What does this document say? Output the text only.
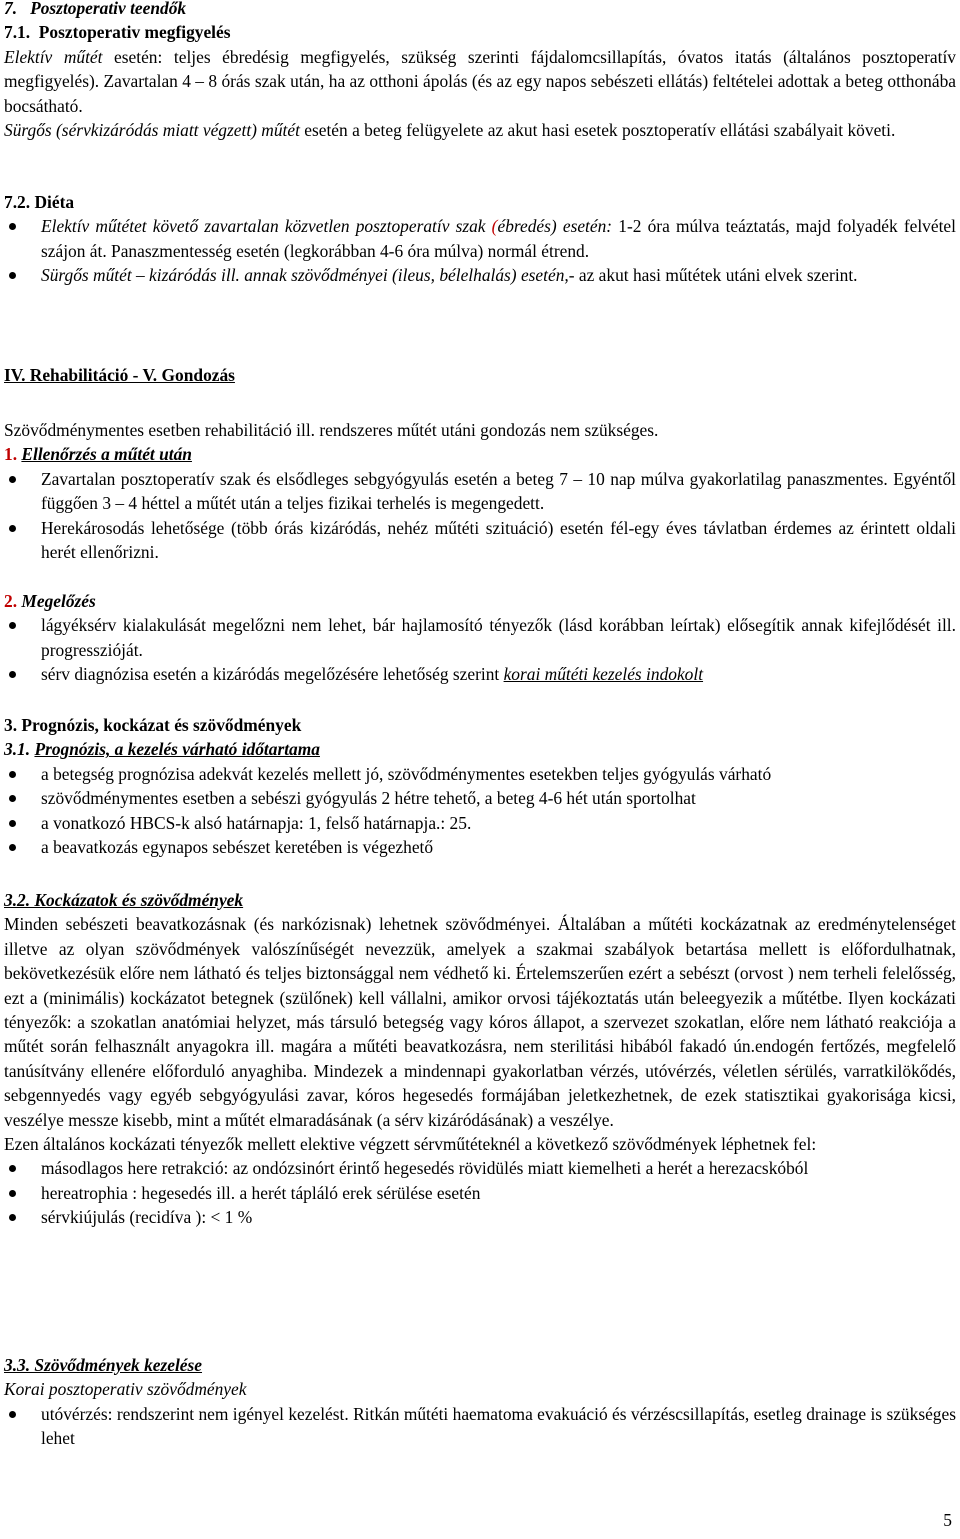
7.   Posztoperativ teendők

7.1.  Posztoperativ megfigyelés

Elektív műtét esetén: teljes ébredésig megfigyelés, szükség szerinti fájdalomcsillapítás, óvatos itatás (általános posztoperatív megfigyelés). Zavartalan 4 – 8 órás szak után, ha az otthoni ápolás (és az egy napos sebészeti ellátás) feltételei adottak a beteg otthonába bocsátható.

Sürgős (sérvkizáródás miatt végzett) műtét esetén a beteg felügyelete az akut hasi esetek posztoperatív ellátási szabályait követi.

7.2. Diéta

Elektív műtétet követő zavartalan közvetlen posztoperatív szak (ébredés) esetén: 1-2 óra múlva teáztatás, majd folyadék felvétel szájon át. Panaszmentesség esetén (legkorábban 4-6 óra múlva) normál étrend.
Sürgős műtét – kizáródás ill. annak szövődményei (ileus, bélelhalás) esetén,- az akut hasi műtétek utáni elvek szerint.

IV. Rehabilitáció - V. Gondozás

Szövődménymentes esetben rehabilitáció ill. rendszeres műtét utáni gondozás nem szükséges.

1. Ellenőrzés a műtét után

Zavartalan posztoperatív szak és elsődleges sebgyógyulás esetén a beteg 7 – 10 nap múlva gyakorlatilag panaszmentes. Egyéntől függően 3 – 4 héttel a műtét után a teljes fizikai terhelés is megengedett.
Herekárosodás lehetősége (több órás kizáródás, nehéz műtéti szituáció) esetén fél-egy éves távlatban érdemes az érintett oldali herét ellenőrizni.

2. Megelőzés

lágyéksérv kialakulását megelőzni nem lehet, bár hajlamosító tényezők (lásd korábban leírtak) elősegítik annak kifejlődését ill. progresszióját.
sérv diagnózisa esetén a kizáródás megelőzésére lehetőség szerint korai műtéti kezelés indokolt

3. Prognózis, kockázat és szövődmények

3.1. Prognózis, a kezelés várható időtartama

a betegség prognózisa adekvát kezelés mellett jó, szövődménymentes esetekben teljes gyógyulás várható
szövődménymentes esetben a sebészi gyógyulás 2 hétre tehető, a beteg 4-6 hét után sportolhat
a vonatkozó HBCS-k alsó határnapja: 1, felső határnapja.: 25.
a beavatkozás egynapos sebészet keretében is végezhető

3.2. Kockázatok és szövődmények

Minden sebészeti beavatkozásnak (és narkózisnak) lehetnek szövődményei. Általában a műtéti kockázatnak az eredménytelenséget illetve az olyan szövődmények valószínűségét nevezzük, amelyek a szakmai szabályok betartása mellett is előfordulhatnak, bekövetkezésük előre nem látható és teljes biztonsággal nem védhető ki. Értelemszerűen ezért a sebészt (orvost ) nem terheli felelősség, ezt a (minimális) kockázatot betegnek (szülőnek) kell vállalni, amikor orvosi tájékoztatás után beleegyezik a műtétbe. Ilyen kockázati tényezők: a szokatlan anatómiai helyzet, más társuló betegség vagy kóros állapot, a szervezet szokatlan, előre nem látható reakciója a műtét során felhasznált anyagokra ill. magára a műtéti beavatkozásra, nem sterilitási hibából fakadó ún.endogén fertőzés, megfelelő tanúsítvány ellenére előforduló anyaghiba. Mindezek a mindennapi gyakorlatban vérzés, utóvérzés, véletlen sérülés, varratkilökődés, sebgennyedés vagy egyéb sebgyógyulási zavar, kóros hegesedés formájában jeletkezhetnek, de ezek statisztikai gyakorisága kicsi, veszélye messze kisebb, mint a műtét elmaradásának (a sérv kizáródásának) a veszélye.

Ezen általános kockázati tényezők mellett elektive végzett sérvműtéteknél a következő szövődmények léphetnek fel:

másodlagos here retrakció: az ondózsinórt érintő hegesedés rövidülés miatt kiemelheti a herét a herezacskóból
hereatrophia : hegesedés ill. a herét tápláló erek sérülése esetén
sérvkiújulás (recidíva ): < 1 %

3.3. Szövődmények kezelése

Korai posztoperativ szövődmények

utóvérzés: rendszerint nem igényel kezelést. Ritkán műtéti haematoma evakuáció és vérzéscsillapítás, esetleg drainage is szükséges lehet
5
